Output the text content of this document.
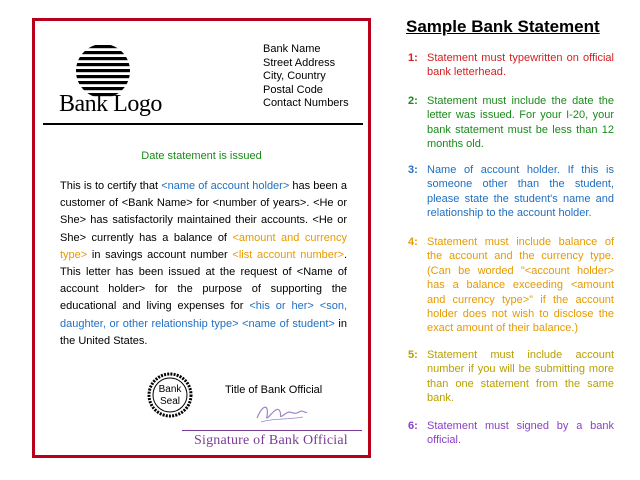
Bank Logo
Bank Name
Street Address
City, Country
Postal Code
Contact Numbers
Date statement is issued
This is to certify that <name of account holder> has been a customer of <Bank Name> for <number of years>. <He or She> has satisfactorily maintained their accounts. <He or She> currently has a balance of <amount and currency type> in savings account number <list account number>. This letter has been issued at the request of <Name of account holder> for the purpose of supporting the educational and living expenses for <his or her> <son, daughter, or other relationship type> <name of student> in the United States.
Bank
Seal
Title of Bank Official
Signature of Bank Official
Sample Bank Statement
1: Statement must typewritten on official bank letterhead.
2: Statement must include the date the letter was issued. For your I-20, your bank statement must be less than 12 months old.
3: Name of account holder. If this is someone other than the student, please state the student's name and relationship to the account holder.
4: Statement must include balance of the account and the currency type. (Can be worded "<account holder> has a balance exceeding <amount and currency type>" if the account holder does not wish to disclose the exact amount of their balance.)
5: Statement must include account number if you will be submitting more than one statement from the same bank.
6: Statement must signed by a bank official.
